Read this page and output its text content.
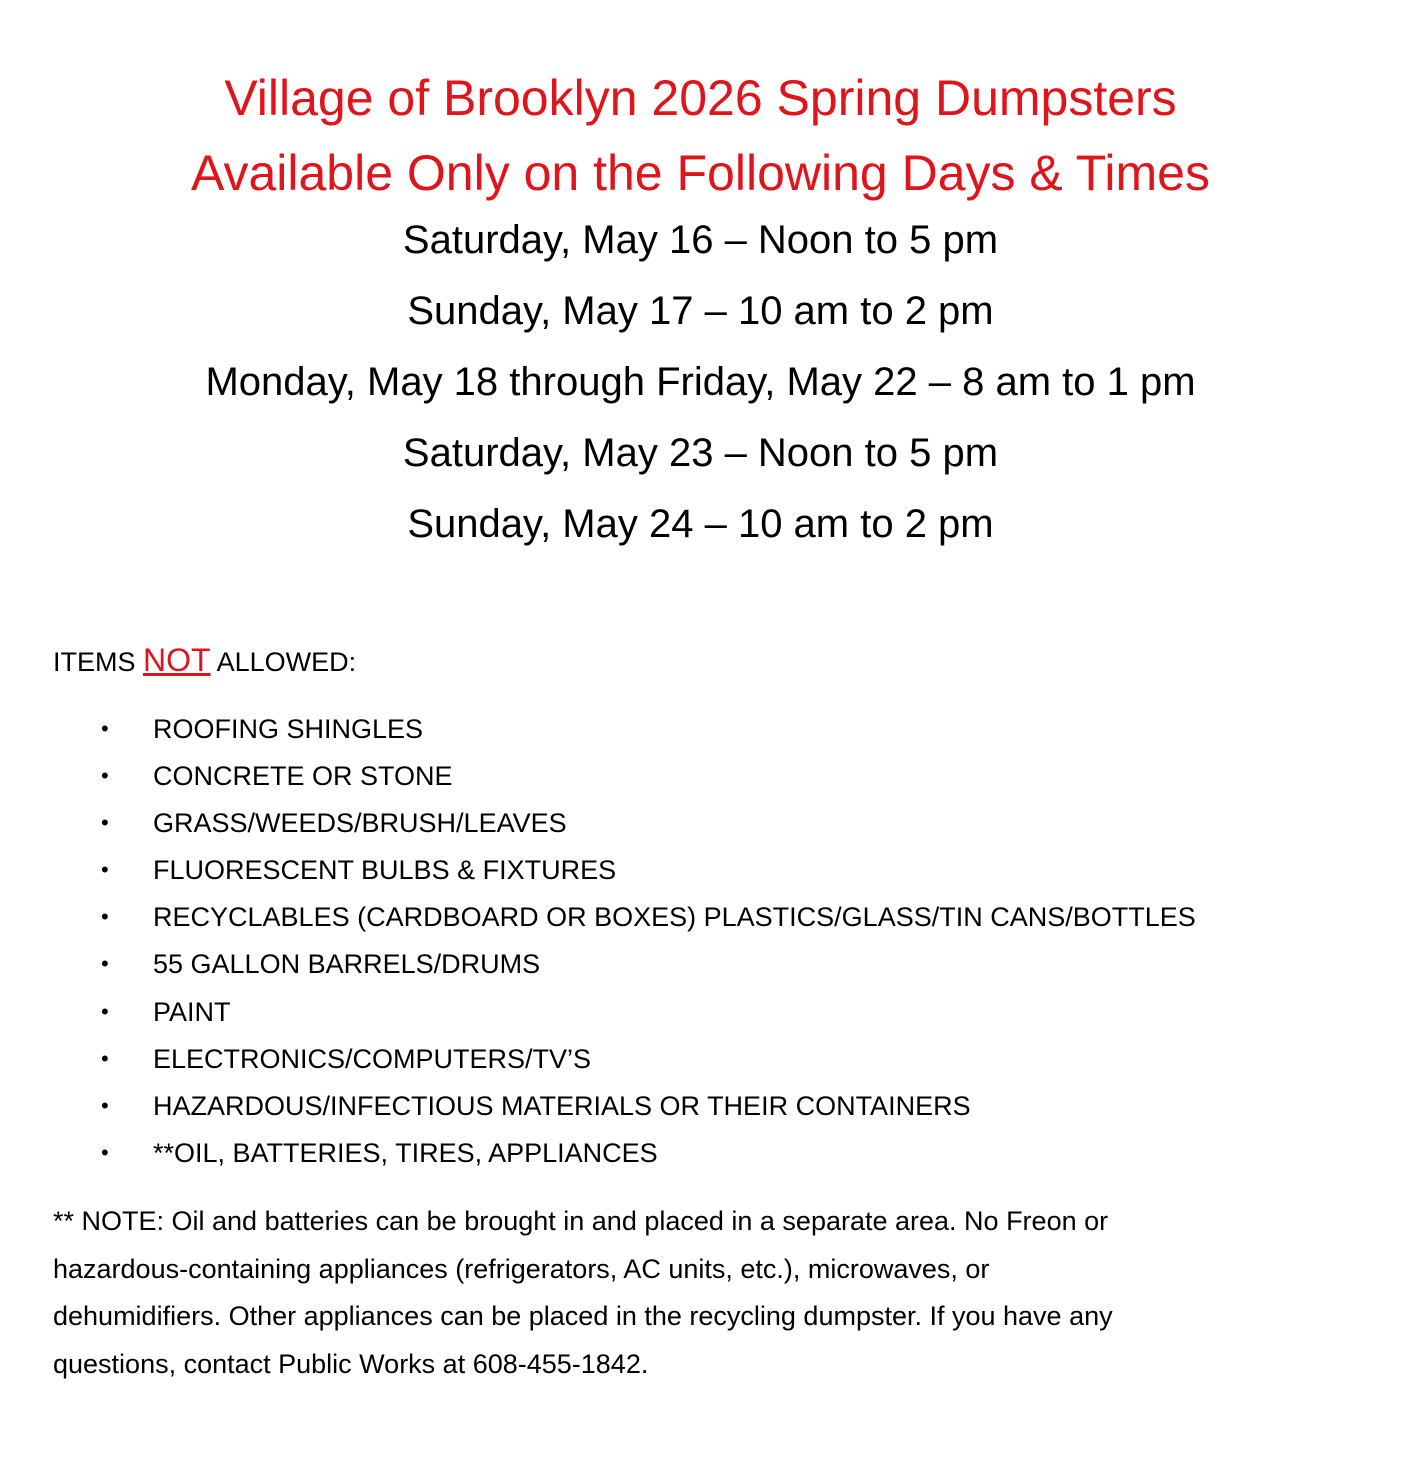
Village of Brooklyn 2026 Spring Dumpsters
Available Only on the Following Days & Times
Saturday, May 16 – Noon to 5 pm
Sunday, May 17 – 10 am to 2 pm
Monday, May 18 through Friday, May 22 – 8 am to 1 pm
Saturday, May 23 – Noon to 5 pm
Sunday, May 24 – 10 am to 2 pm

ITEMS NOT ALLOWED:

• ROOFING SHINGLES
• CONCRETE OR STONE
• GRASS/WEEDS/BRUSH/LEAVES
• FLUORESCENT BULBS & FIXTURES
• RECYCLABLES (CARDBOARD OR BOXES) PLASTICS/GLASS/TIN CANS/BOTTLES
• 55 GALLON BARRELS/DRUMS
• PAINT
• ELECTRONICS/COMPUTERS/TV’S
• HAZARDOUS/INFECTIOUS MATERIALS OR THEIR CONTAINERS
• **OIL, BATTERIES, TIRES, APPLIANCES

** NOTE: Oil and batteries can be brought in and placed in a separate area. No Freon or
hazardous-containing appliances (refrigerators, AC units, etc.), microwaves, or
dehumidifiers. Other appliances can be placed in the recycling dumpster. If you have any
questions, contact Public Works at 608-455-1842.
